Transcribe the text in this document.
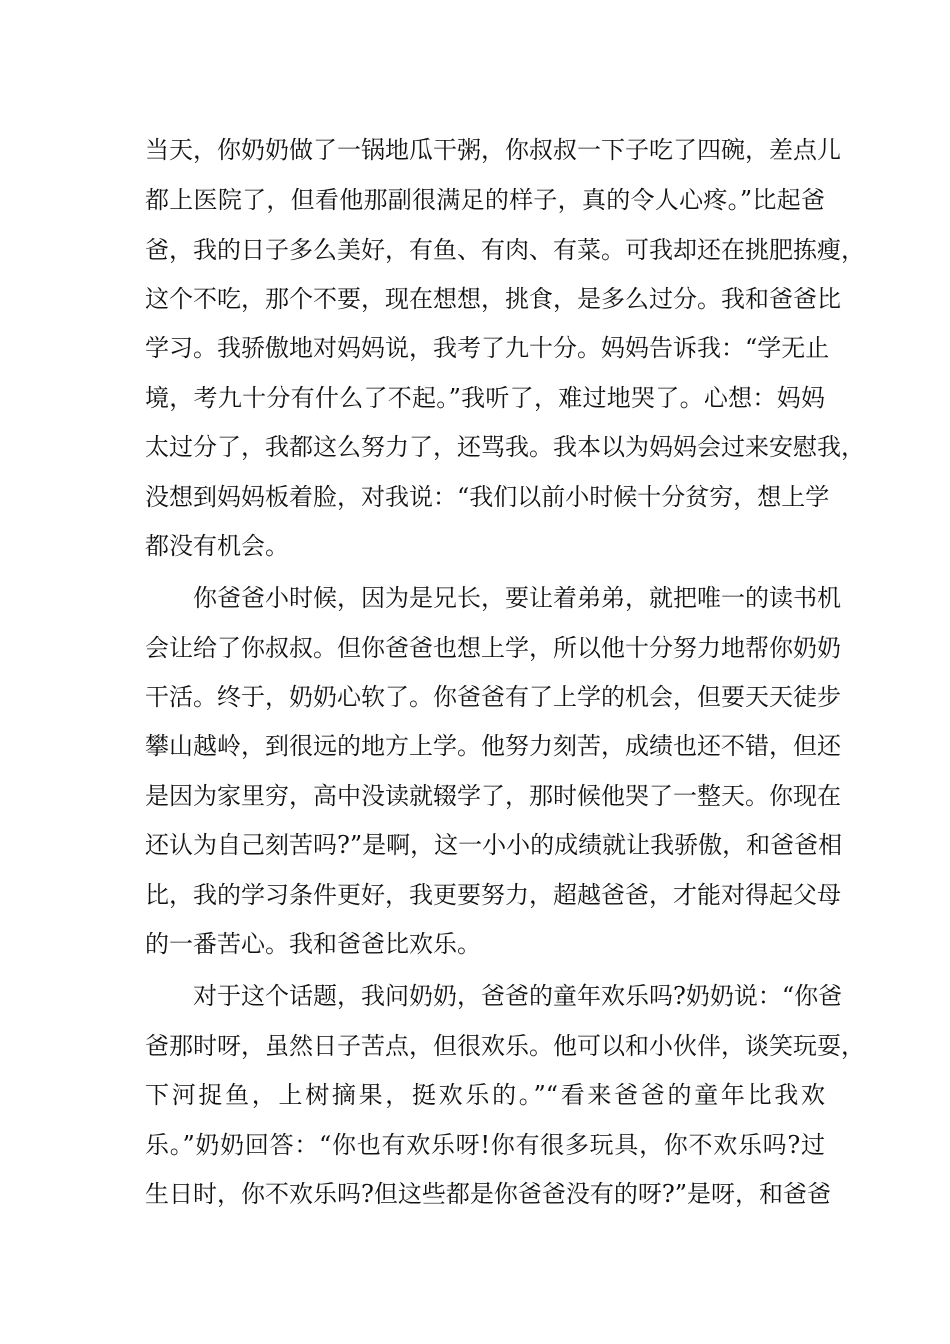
当天，你奶奶做了一锅地瓜干粥，你叔叔一下子吃了四碗，差点儿
都上医院了，但看他那副很满足的样子，真的令人心疼。”比起爸
爸，我的日子多么美好，有鱼、有肉、有菜。可我却还在挑肥拣瘦，
这个不吃，那个不要，现在想想，挑食，是多么过分。我和爸爸比
学习。我骄傲地对妈妈说，我考了九十分。妈妈告诉我：“学无止
境，考九十分有什么了不起。”我听了，难过地哭了。心想：妈妈
太过分了，我都这么努力了，还骂我。我本以为妈妈会过来安慰我，
没想到妈妈板着脸，对我说：“我们以前小时候十分贫穷，想上学
都没有机会。
你爸爸小时候，因为是兄长，要让着弟弟，就把唯一的读书机
会让给了你叔叔。但你爸爸也想上学，所以他十分努力地帮你奶奶
干活。终于，奶奶心软了。你爸爸有了上学的机会，但要天天徒步
攀山越岭，到很远的地方上学。他努力刻苦，成绩也还不错，但还
是因为家里穷，高中没读就辍学了，那时候他哭了一整天。你现在
还认为自己刻苦吗?”是啊，这一小小的成绩就让我骄傲，和爸爸相
比，我的学习条件更好，我更要努力，超越爸爸，才能对得起父母
的一番苦心。我和爸爸比欢乐。
对于这个话题，我问奶奶，爸爸的童年欢乐吗?奶奶说：“你爸
爸那时呀，虽然日子苦点，但很欢乐。他可以和小伙伴，谈笑玩耍，
下河捉鱼，上树摘果，挺欢乐的。”“看来爸爸的童年比我欢
乐。”奶奶回答：“你也有欢乐呀!你有很多玩具，你不欢乐吗?过
生日时，你不欢乐吗?但这些都是你爸爸没有的呀?”是呀，和爸爸
